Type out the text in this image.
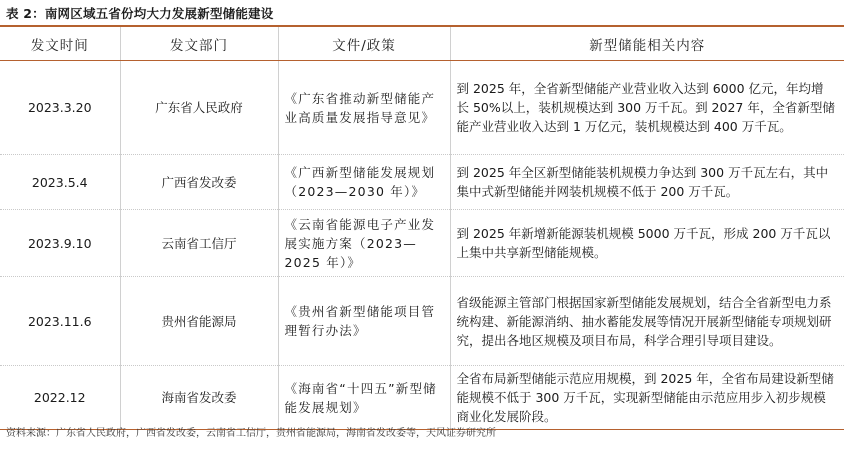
表 2：南网区域五省份均大力发展新型储能建设
发文时间	发文部门	文件/政策	新型储能相关内容
2023.3.20	广东省人民政府	《广东省推动新型储能产业高质量发展指导意见》	到 2025 年，全省新型储能产业营业收入达到 6000 亿元，年均增长 50%以上，装机规模达到 300 万千瓦。到 2027 年，全省新型储能产业营业收入达到 1 万亿元，装机规模达到 400 万千瓦。
2023.5.4	广西省发改委	《广西新型储能发展规划（2023—2030 年）》	到 2025 年全区新型储能装机规模力争达到 300 万千瓦左右，其中集中式新型储能并网装机规模不低于 200 万千瓦。
2023.9.10	云南省工信厅	《云南省能源电子产业发展实施方案（2023—2025 年）》	到 2025 年新增新能源装机规模 5000 万千瓦，形成 200 万千瓦以上集中共享新型储能规模。
2023.11.6	贵州省能源局	《贵州省新型储能项目管理暂行办法》	省级能源主管部门根据国家新型储能发展规划，结合全省新型电力系统构建、新能源消纳、抽水蓄能发展等情况开展新型储能专项规划研究，提出各地区规模及项目布局，科学合理引导项目建设。
2022.12	海南省发改委	《海南省“十四五”新型储能发展规划》	全省布局新型储能示范应用规模，到 2025 年，全省布局建设新型储能规模不低于 300 万千瓦，实现新型储能由示范应用步入初步规模商业化发展阶段。
资料来源：广东省人民政府，广西省发改委，云南省工信厅，贵州省能源局，海南省发改委等，天风证券研究所
